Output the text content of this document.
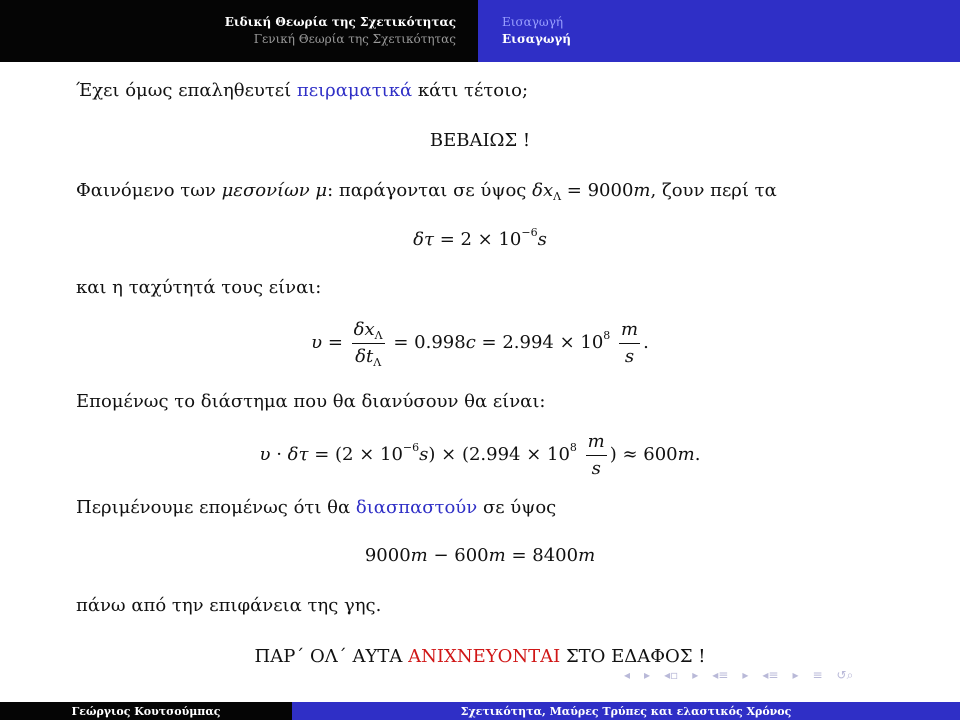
Ειδική Θεωρία της Σχετικότητας
Γενική Θεωρία της Σχετικότητας
Εισαγωγή
Εισαγωγή
Έχει όμως επαληθευτεί πειραματικά κάτι τέτοιο;
ΒΕΒΑΙΩΣ !
Φαινόμενο των μεσονίων μ: παράγονται σε ύψος $\delta x_\Lambda = 9000m$, ζουν περί τα
$\delta\tau = 2 \times 10^{-6}s$
και η ταχύτητά τους είναι:
$\upsilon = \frac{\delta x_\Lambda}{\delta t_\Lambda} = 0.998c = 2.994 \times 10^8 \frac{m}{s}$ .
Επομένως το διάστημα που θα διανύσουν θα είναι:
$\upsilon \cdot \delta\tau = (2 \times 10^{-6}s) \times (2.994 \times 10^8 \frac{m}{s}$ ) ≈ 600m.
Περιμένουμε επομένως ότι θα διασπαστούν σε ύψος
9000m − 600m = 8400m
πάνω από την επιφάνεια της γης.
ΠΑΡ΄ ΟΛ΄ ΑΥΤΑ ΑΝΙΧΝΕΥΟΝΤΑΙ ΣΤΟ ΕΔΑΦΟΣ !
◂ ▸ ◂▫ ▸ ◂≡ ▸ ◂≡ ▸ ≡ ↺⌕
Γεώργιος Κουτσούμπας	Σχετικότητα, Μαύρες Τρύπες και ελαστικός Χρόνος
